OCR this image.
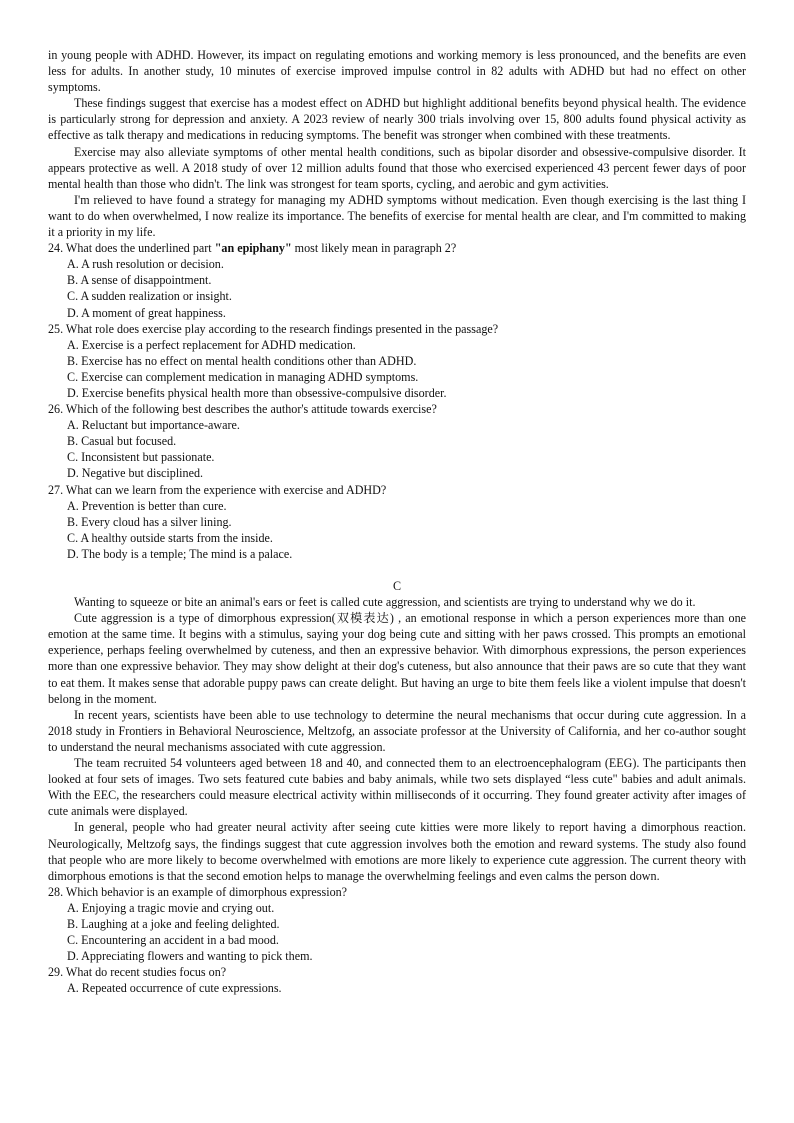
in young people with ADHD. However, its impact on regulating emotions and working memory is less pronounced, and the benefits are even less for adults. In another study, 10 minutes of exercise improved impulse control in 82 adults with ADHD but had no effect on other symptoms.

These findings suggest that exercise has a modest effect on ADHD but highlight additional benefits beyond physical health. The evidence is particularly strong for depression and anxiety. A 2023 review of nearly 300 trials involving over 15, 800 adults found physical activity as effective as talk therapy and medications in reducing symptoms. The benefit was stronger when combined with these treatments.

Exercise may also alleviate symptoms of other mental health conditions, such as bipolar disorder and obsessive-compulsive disorder. It appears protective as well. A 2018 study of over 12 million adults found that those who exercised experienced 43 percent fewer days of poor mental health than those who didn't. The link was strongest for team sports, cycling, and aerobic and gym activities.

I'm relieved to have found a strategy for managing my ADHD symptoms without medication. Even though exercising is the last thing I want to do when overwhelmed, I now realize its importance. The benefits of exercise for mental health are clear, and I'm committed to making it a priority in my life.

24. What does the underlined part "an epiphany" most likely mean in paragraph 2?

A. A rush resolution or decision.

B. A sense of disappointment.

C. A sudden realization or insight.

D. A moment of great happiness.

25. What role does exercise play according to the research findings presented in the passage?

A. Exercise is a perfect replacement for ADHD medication.

B. Exercise has no effect on mental health conditions other than ADHD.

C. Exercise can complement medication in managing ADHD symptoms.

D. Exercise benefits physical health more than obsessive-compulsive disorder.

26. Which of the following best describes the author's attitude towards exercise?

A. Reluctant but importance-aware.

B. Casual but focused.

C. Inconsistent but passionate.

D. Negative but disciplined.

27. What can we learn from the experience with exercise and ADHD?

A. Prevention is better than cure.

B. Every cloud has a silver lining.

C. A healthy outside starts from the inside.

D. The body is a temple; The mind is a palace.

C

Wanting to squeeze or bite an animal's ears or feet is called cute aggression, and scientists are trying to understand why we do it.

Cute aggression is a type of dimorphous expression(双模表达) , an emotional response in which a person experiences more than one emotion at the same time. It begins with a stimulus, saying your dog being cute and sitting with her paws crossed. This prompts an emotional experience, perhaps feeling overwhelmed by cuteness, and then an expressive behavior. With dimorphous expressions, the person experiences more than one expressive behavior. They may show delight at their dog's cuteness, but also announce that their paws are so cute that they want to eat them. It makes sense that adorable puppy paws can create delight. But having an urge to bite them feels like a violent impulse that doesn't belong in the moment.

In recent years, scientists have been able to use technology to determine the neural mechanisms that occur during cute aggression. In a 2018 study in Frontiers in Behavioral Neuroscience, Meltzofg, an associate professor at the University of California, and her co-author sought to understand the neural mechanisms associated with cute aggression.

The team recruited 54 volunteers aged between 18 and 40, and connected them to an electroencephalogram (EEG). The participants then looked at four sets of images. Two sets featured cute babies and baby animals, while two sets displayed “less cute" babies and adult animals. With the EEC, the researchers could measure electrical activity within milliseconds of it occurring. They found greater activity after images of cute animals were displayed.

In general, people who had greater neural activity after seeing cute kitties were more likely to report having a dimorphous reaction. Neurologically, Meltzofg says, the findings suggest that cute aggression involves both the emotion and reward systems. The study also found that people who are more likely to become overwhelmed with emotions are more likely to experience cute aggression. The current theory with dimorphous emotions is that the second emotion helps to manage the overwhelming feelings and even calms the person down.

28. Which behavior is an example of dimorphous expression?

A. Enjoying a tragic movie and crying out.

B. Laughing at a joke and feeling delighted.

C. Encountering an accident in a bad mood.

D. Appreciating flowers and wanting to pick them.

29. What do recent studies focus on?

A. Repeated occurrence of cute expressions.
